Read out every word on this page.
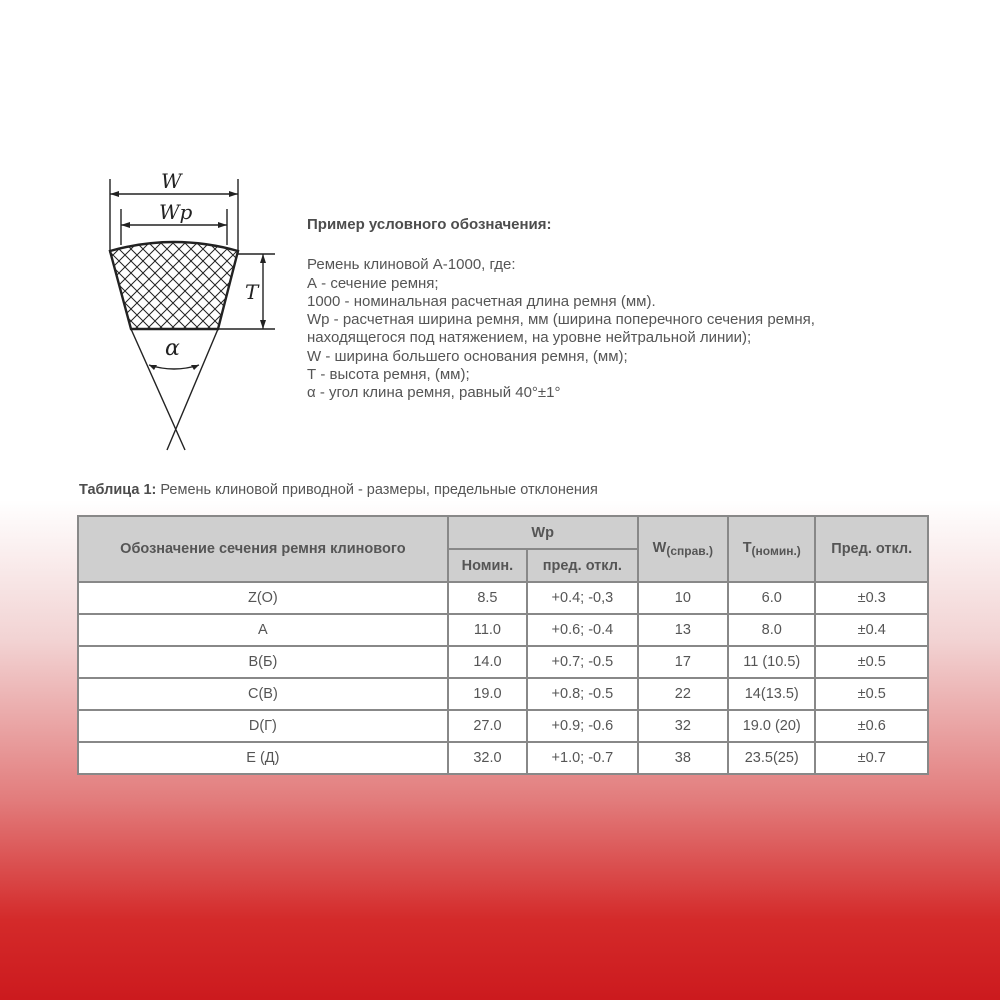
W
Wp
T
α
Пример условного обозначения:
Ремень клиновой А-1000, где:
А - сечение ремня;
1000 - номинальная расчетная длина ремня (мм).
Wp - расчетная ширина ремня, мм (ширина поперечного сечения ремня,
находящегося под натяжением, на уровне нейтральной линии);
W - ширина большего основания ремня, (мм);
Т - высота ремня, (мм);
α - угол клина ремня, равный 40°±1°
Таблица 1: Ремень клиновой приводной - размеры, предельные отклонения
Обозначение сечения ремня клинового	Wp		$W_{(справ.)}$	$T_{(номин.)}$	Пред. откл.
	Номин.	пред. откл.			
Z(O)	8.5	+0.4; -0,3	10	6.0	±0.3
A	11.0	+0.6; -0.4	13	8.0	±0.4
B(Б)	14.0	+0.7; -0.5	17	11 (10.5)	±0.5
C(B)	19.0	+0.8; -0.5	22	14(13.5)	±0.5
D(Г)	27.0	+0.9; -0.6	32	19.0 (20)	±0.6
E (Д)	32.0	+1.0; -0.7	38	23.5(25)	±0.7
